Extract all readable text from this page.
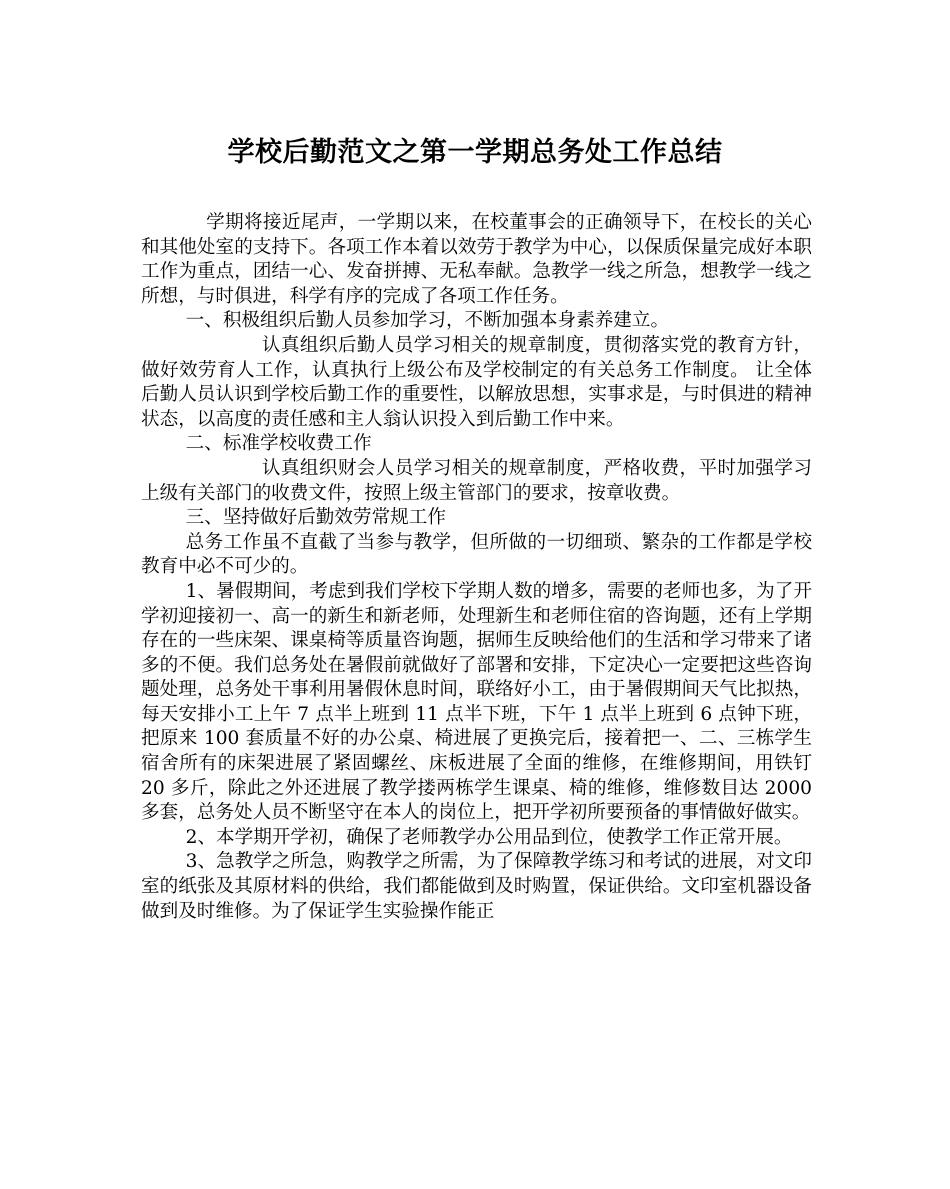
学校后勤范文之第一学期总务处工作总结

学期将接近尾声，一学期以来，在校董事会的正确领导下，在校长的关心和其他处室的支持下。各项工作本着以效劳于教学为中心，以保质保量完成好本职工作为重点，团结一心、发奋拼搏、无私奉献。急教学一线之所急，想教学一线之所想，与时俱进，科学有序的完成了各项工作任务。

一、积极组织后勤人员参加学习，不断加强本身素养建立。

认真组织后勤人员学习相关的规章制度，贯彻落实党的教育方针，做好效劳育人工作，认真执行上级公布及学校制定的有关总务工作制度。 让全体后勤人员认识到学校后勤工作的重要性，以解放思想，实事求是，与时俱进的精神状态，以高度的责任感和主人翁认识投入到后勤工作中来。

二、标准学校收费工作

认真组织财会人员学习相关的规章制度，严格收费，平时加强学习上级有关部门的收费文件，按照上级主管部门的要求，按章收费。

三、坚持做好后勤效劳常规工作

总务工作虽不直截了当参与教学，但所做的一切细琐、繁杂的工作都是学校教育中必不可少的。

1、暑假期间，考虑到我们学校下学期人数的增多，需要的老师也多，为了开学初迎接初一、高一的新生和新老师，处理新生和老师住宿的咨询题，还有上学期存在的一些床架、课桌椅等质量咨询题，据师生反映给他们的生活和学习带来了诸多的不便。我们总务处在暑假前就做好了部署和安排，下定决心一定要把这些咨询题处理，总务处干事利用暑假休息时间，联络好小工，由于暑假期间天气比拟热，每天安排小工上午 7 点半上班到 11 点半下班，下午 1 点半上班到 6 点钟下班，把原来 100 套质量不好的办公桌、椅进展了更换完后，接着把一、二、三栋学生宿舍所有的床架进展了紧固螺丝、床板进展了全面的维修，在维修期间，用铁钉 20 多斤，除此之外还进展了教学搂两栋学生课桌、椅的维修，维修数目达 2000 多套，总务处人员不断坚守在本人的岗位上，把开学初所要预备的事情做好做实。

2、本学期开学初，确保了老师教学办公用品到位，使教学工作正常开展。

3、急教学之所急，购教学之所需，为了保障教学练习和考试的进展，对文印室的纸张及其原材料的供给，我们都能做到及时购置，保证供给。文印室机器设备做到及时维修。为了保证学生实验操作能正
